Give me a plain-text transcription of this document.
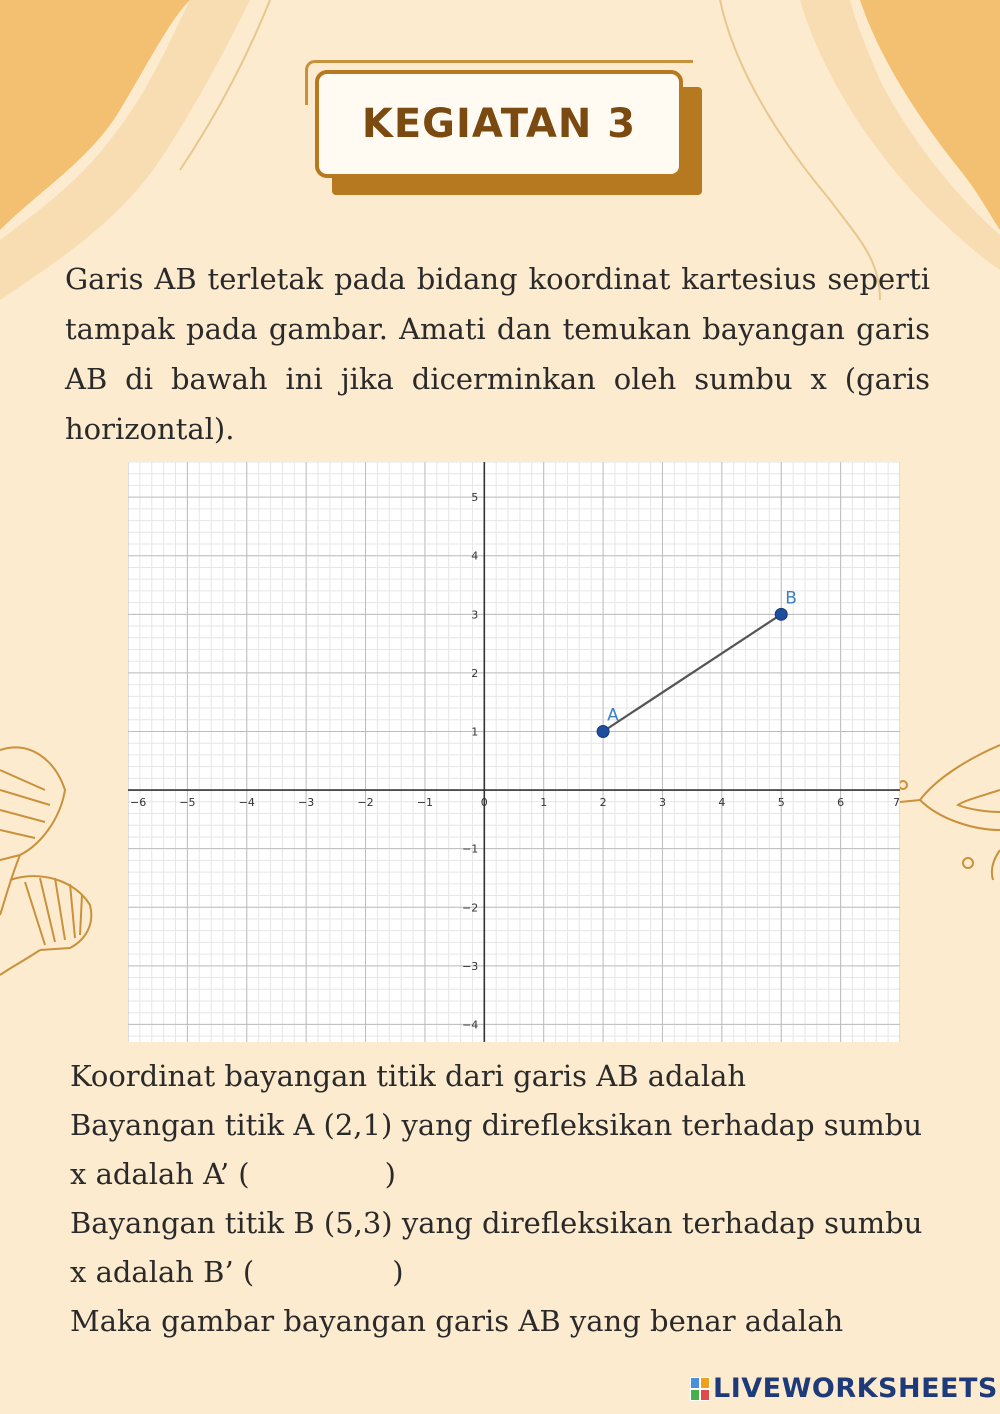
KEGIATAN 3

Garis AB terletak pada bidang koordinat kartesius seperti tampak pada gambar. Amati dan temukan bayangan garis AB di bawah ini jika dicerminkan oleh sumbu x (garis horizontal).

−6	−5	−4	−3	−2	−1	0	1	2	3	4	5	6	7
−4
−3
−2
−1
1
2
3
4
5
A
B

Koordinat bayangan titik dari garis AB adalah

Bayangan titik A (2,1) yang direfleksikan terhadap sumbu

x adalah A’ (	)

Bayangan titik B (5,3) yang direfleksikan terhadap sumbu

x adalah B’ (	)

Maka gambar bayangan garis AB yang benar adalah

LIVEWORKSHEETS
